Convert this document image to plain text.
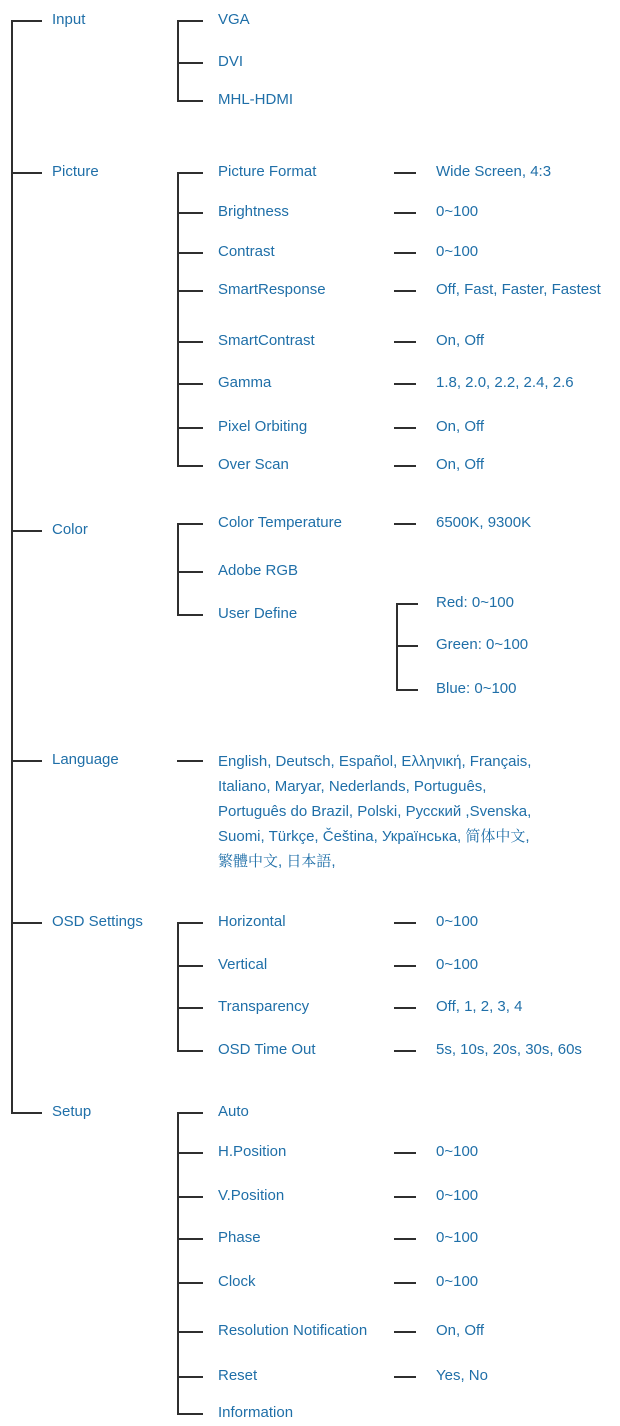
Input	VGA
DVI
MHL-HDMI
Picture	Picture Format	Wide Screen, 4:3
Brightness	0~100
Contrast	0~100
SmartResponse	Off, Fast, Faster, Fastest
SmartContrast	On, Off
Gamma	1.8, 2.0, 2.2, 2.4, 2.6
Pixel Orbiting	On, Off
Over Scan	On, Off
Color	Color Temperature	6500K, 9300K
Adobe RGB
User Define
Red: 0~100
Green: 0~100
Blue: 0~100
Language	English, Deutsch, Español, Ελληνική, Français,
Italiano, Maryar, Nederlands, Português,
Português do Brazil, Polski, Русский ,Svenska,
Suomi, Türkçe, Čeština, Українська, 简体中文,
繁體中文, 日本語,
OSD Settings	Horizontal	0~100
Vertical	0~100
Transparency	Off, 1, 2, 3, 4
OSD Time Out	5s, 10s, 20s, 30s, 60s
Setup	Auto
H.Position	0~100
V.Position	0~100
Phase	0~100
Clock	0~100
Resolution Notification	On, Off
Reset	Yes, No
Information
